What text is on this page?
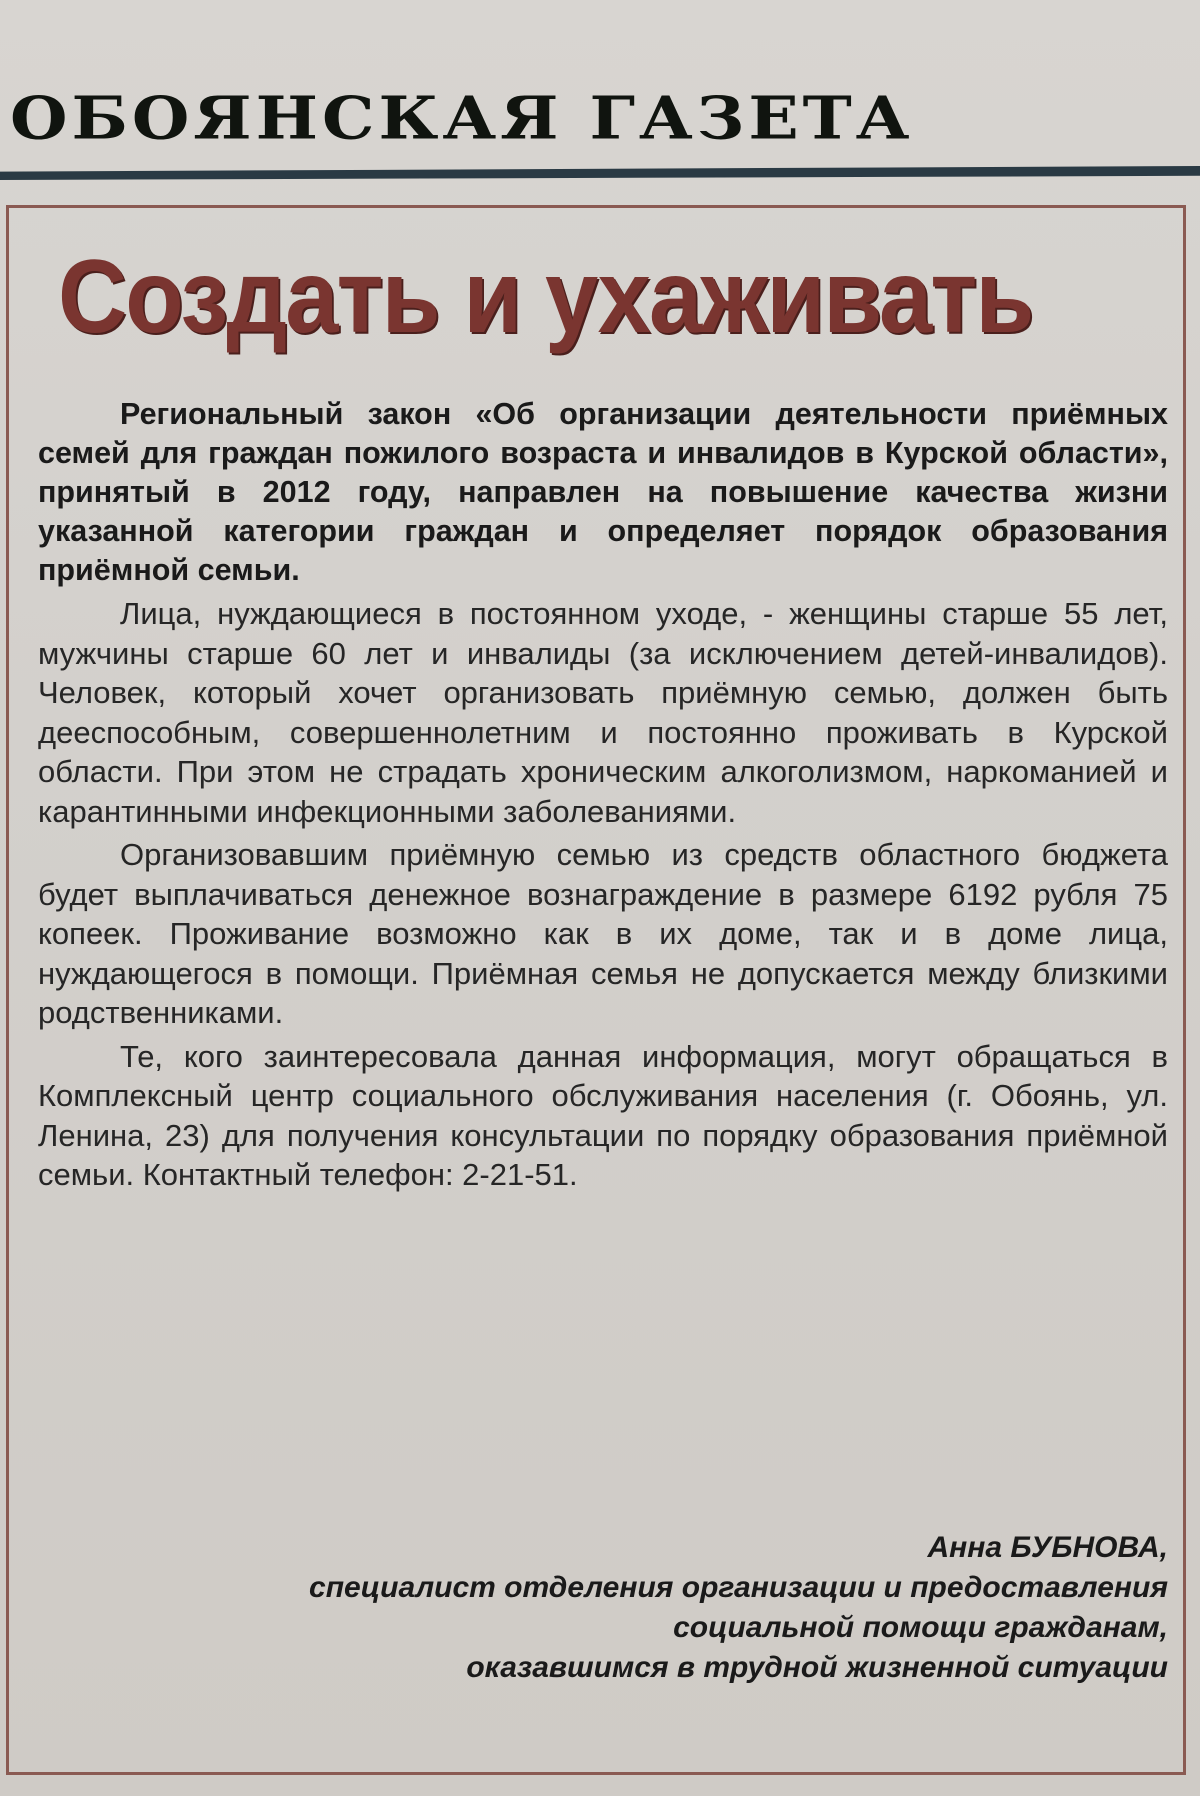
ОБОЯНСКАЯ ГАЗЕТА
Создать и ухаживать

Региональный закон «Об организации деятельности приёмных семей для граждан пожилого возраста и инвалидов в Курской области», принятый в 2012 году, направлен на повышение качества жизни указанной категории граждан и определяет порядок образования приёмной семьи.

Лица, нуждающиеся в постоянном уходе, - женщины старше 55 лет, мужчины старше 60 лет и инвалиды (за исключением детей-инвалидов). Человек, который хочет организовать приёмную семью, должен быть дееспособным, совершеннолетним и постоянно проживать в Курской области. При этом не страдать хроническим алкоголизмом, наркоманией и карантинными инфекционными заболеваниями.

Организовавшим приёмную семью из средств областного бюджета будет выплачиваться денежное вознаграждение в размере 6192 рубля 75 копеек. Проживание возможно как в их доме, так и в доме лица, нуждающегося в помощи. Приёмная семья не допускается между близкими родственниками.

Те, кого заинтересовала данная информация, могут обращаться в Комплексный центр социального обслуживания населения (г. Обоянь, ул. Ленина, 23) для получения консультации по порядку образования приёмной семьи. Контактный телефон: 2-21-51.

Анна БУБНОВА,
специалист отделения организации и предоставления
социальной помощи гражданам,
оказавшимся в трудной жизненной ситуации
